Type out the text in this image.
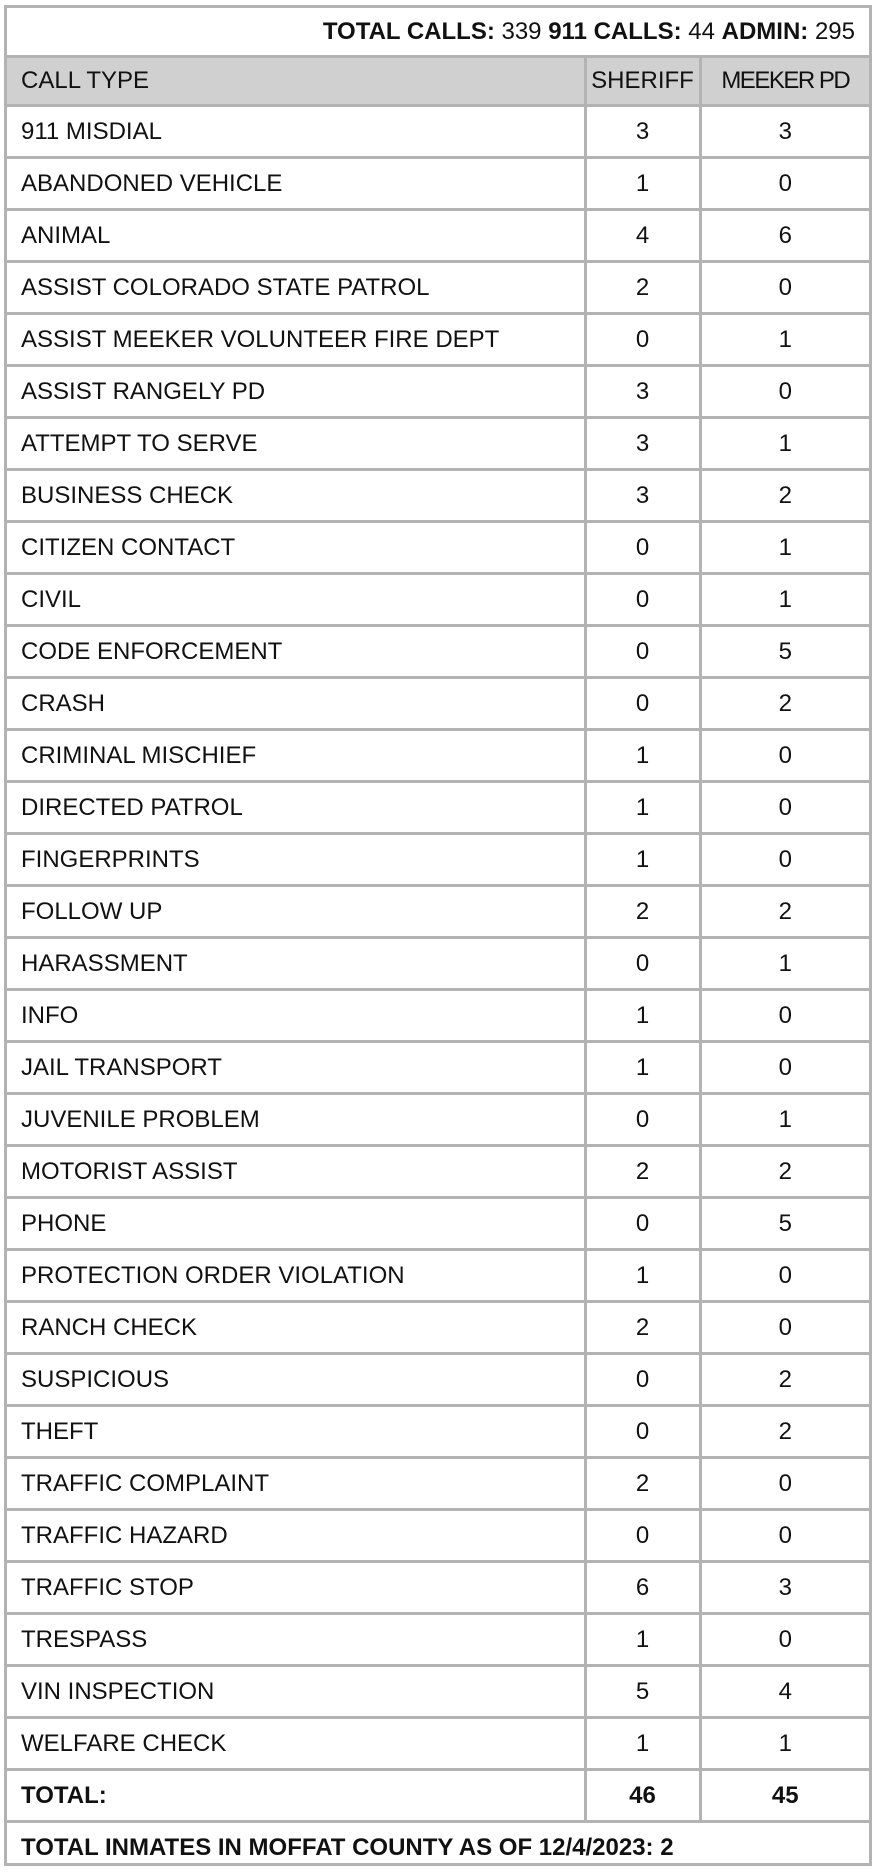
TOTAL CALLS: 339 911 CALLS: 44 ADMIN: 295		
CALL TYPE	SHERIFF	MEEKER PD
911 MISDIAL	3	3
ABANDONED VEHICLE	1	0
ANIMAL	4	6
ASSIST COLORADO STATE PATROL	2	0
ASSIST MEEKER VOLUNTEER FIRE DEPT	0	1
ASSIST RANGELY PD	3	0
ATTEMPT TO SERVE	3	1
BUSINESS CHECK	3	2
CITIZEN CONTACT	0	1
CIVIL	0	1
CODE ENFORCEMENT	0	5
CRASH	0	2
CRIMINAL MISCHIEF	1	0
DIRECTED PATROL	1	0
FINGERPRINTS	1	0
FOLLOW UP	2	2
HARASSMENT	0	1
INFO	1	0
JAIL TRANSPORT	1	0
JUVENILE PROBLEM	0	1
MOTORIST ASSIST	2	2
PHONE	0	5
PROTECTION ORDER VIOLATION	1	0
RANCH CHECK	2	0
SUSPICIOUS	0	2
THEFT	0	2
TRAFFIC COMPLAINT	2	0
TRAFFIC HAZARD	0	0
TRAFFIC STOP	6	3
TRESPASS	1	0
VIN INSPECTION	5	4
WELFARE CHECK	1	1
TOTAL:	46	45
TOTAL INMATES IN MOFFAT COUNTY AS OF 12/4/2023: 2		
